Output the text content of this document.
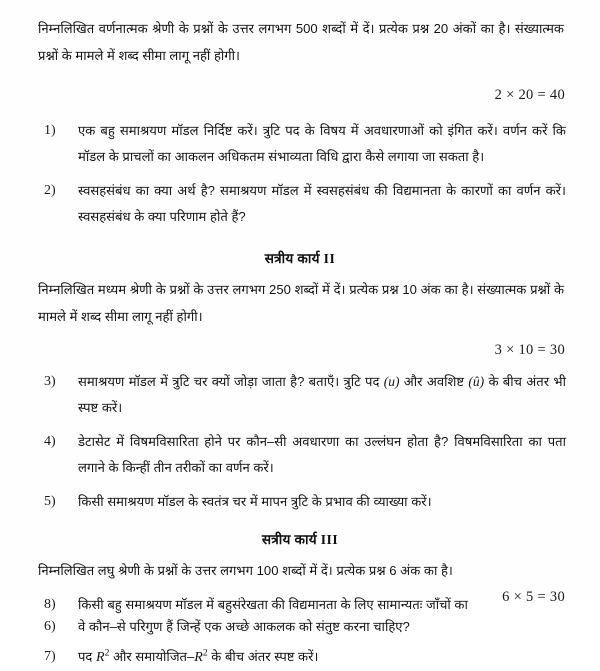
निम्नलिखित वर्णनात्मक श्रेणी के प्रश्नों के उत्तर लगभग 500 शब्दों में दें। प्रत्येक प्रश्न 20 अंकों का है। संख्यात्मक प्रश्नों के मामले में शब्द सीमा लागू नहीं होगी।

2 × 20 = 40
1)	एक बहु समाश्रयण मॉडल निर्दिष्ट करें। त्रुटि पद के विषय में अवधारणाओं को इंगित करें। वर्णन करें कि मॉडल के प्राचलों का आकलन अधिकतम संभाव्यता विधि द्वारा कैसे लगाया जा सकता है।
2)	स्वसहसंबंध का क्या अर्थ है? समाश्रयण मॉडल में स्वसहसंबंध की विद्यमानता के कारणों का वर्णन करें। स्वसहसंबंध के क्या परिणाम होते हैं?
सत्रीय कार्य II

निम्नलिखित मध्यम श्रेणी के प्रश्नों के उत्तर लगभग 250 शब्दों में दें। प्रत्येक प्रश्न 10 अंक का है। संख्यात्मक प्रश्नों के मामले में शब्द सीमा लागू नहीं होगी।

3 × 10 = 30
3)	समाश्रयण मॉडल में त्रुटि चर क्यों जोड़ा जाता है? बताएँ। त्रुटि पद (u) और अवशिष्ट (û) के बीच अंतर भी स्पष्ट करें।
4)	डेटासेट में विषमविसारिता होने पर कौन–सी अवधारणा का उल्लंघन होता है? विषमविसारिता का पता लगाने के किन्हीं तीन तरीकों का वर्णन करें।
5)	किसी समाश्रयण मॉडल के स्वतंत्र चर में मापन त्रुटि के प्रभाव की व्याख्या करें।
सत्रीय कार्य III

निम्नलिखित लघु श्रेणी के प्रश्नों के उत्तर लगभग 100 शब्दों में दें। प्रत्येक प्रश्न 6 अंक का है।

6 × 5 = 30
6)	वे कौन–से परिगुण हैं जिन्हें एक अच्छे आकलक को संतुष्ट करना चाहिए?
7)	पद $R^2$ और $समायोजित-R^2$ के बीच अंतर स्पष्ट करें।
8)	किसी बहु समाश्रयण मॉडल में बहुसंरेखता की विद्यमानता के लिए सामान्यतः जाँचों का
